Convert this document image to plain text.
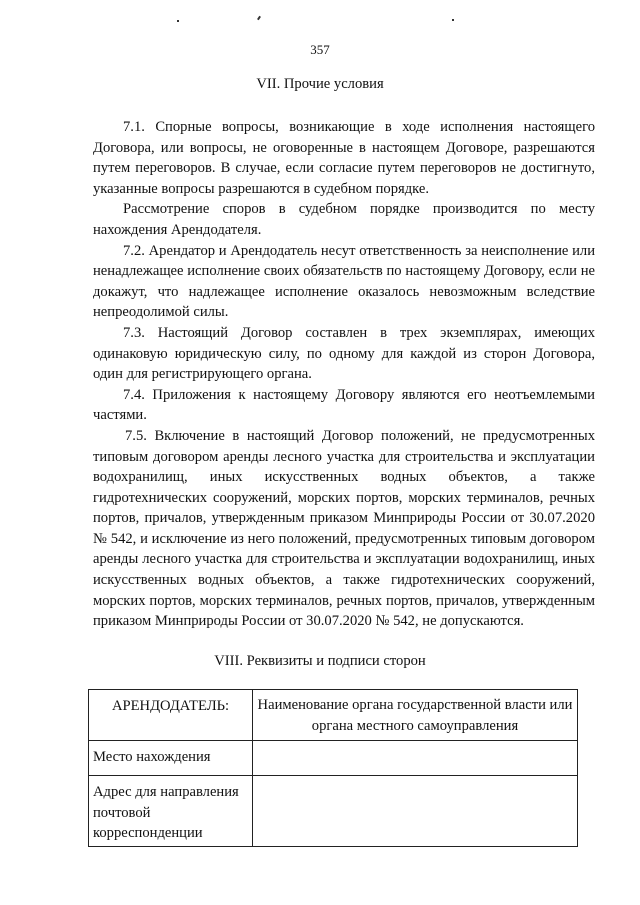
357
VII. Прочие условия

7.1. Спорные вопросы, возникающие в ходе исполнения настоящего Договора, или вопросы, не оговоренные в настоящем Договоре, разрешаются путем переговоров. В случае, если согласие путем переговоров не достигнуто, указанные вопросы разрешаются в судебном порядке.

Рассмотрение споров в судебном порядке производится по месту нахождения Арендодателя.

7.2. Арендатор и Арендодатель несут ответственность за неисполнение или ненадлежащее исполнение своих обязательств по настоящему Договору, если не докажут, что надлежащее исполнение оказалось невозможным вследствие непреодолимой силы.

7.3. Настоящий Договор составлен в трех экземплярах, имеющих одинаковую юридическую силу, по одному для каждой из сторон Договора, один для регистрирующего органа.

7.4. Приложения к настоящему Договору являются его неотъемлемыми частями.

7.5. Включение в настоящий Договор положений, не предусмотренных типовым договором аренды лесного участка для строительства и эксплуатации водохранилищ, иных искусственных водных объектов, а также гидротехнических сооружений, морских портов, морских терминалов, речных портов, причалов, утвержденным приказом Минприроды России от 30.07.2020 № 542, и исключение из него положений, предусмотренных типовым договором аренды лесного участка для строительства и эксплуатации водохранилищ, иных искусственных водных объектов, а также гидротехнических сооружений, морских портов, морских терминалов, речных портов, причалов, утвержденным приказом Минприроды России от 30.07.2020 № 542, не допускаются.

VIII. Реквизиты и подписи сторон
АРЕНДОДАТЕЛЬ:	Наименование органа государственной власти или органа местного самоуправления
Место нахождения	
Адрес для направления почтовой корреспонденции	
